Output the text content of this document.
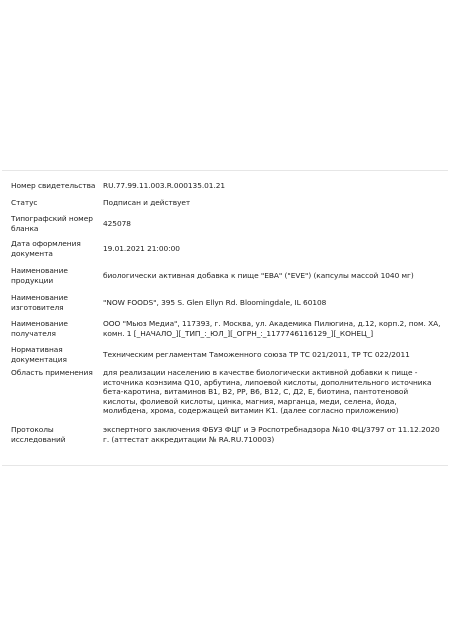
Номер свидетельства	RU.77.99.11.003.R.000135.01.21
Статус	Подписан и действует
Типографский номер бланка	425078
Дата оформления документа	19.01.2021 21:00:00
Наименование продукции	биологически активная добавка к пище "ЕВА" ("EVE") (капсулы массой 1040 мг)
Наименование изготовителя	"NOW FOODS", 395 S. Glen Ellyn Rd. Bloomingdale, IL 60108
Наименование получателя	ООО "Мьюз Медиа", 117393, г. Москва, ул. Академика Пилюгина, д.12, корп.2, пом. ХА, комн. 1 [_НАЧАЛО_][_ТИП_:_ЮЛ_][_ОГРН_:_1177746116129_][_КОНЕЦ_]
Нормативная документация	Техническим регламентам Таможенного союза ТР ТС 021/2011, ТР ТС 022/2011
Область применения	для реализации населению в качестве биологически активной добавки к пище - источника коэнзима Q10, арбутина, липоевой кислоты, дополнительного источника бета-каротина, витаминов В1, В2, РР, В6, В12, С, Д2, Е, биотина, пантотеновой кислоты, фолиевой кислоты, цинка, магния, марганца, меди, селена, йода, молибдена, хрома, содержащей витамин К1. (далее согласно приложению)
Протоколы исследований	экспертного заключения ФБУЗ ФЦГ и Э Роспотребнадзора №10 ФЦ/3797 от 11.12.2020 г. (аттестат аккредитации № RA.RU.710003)
